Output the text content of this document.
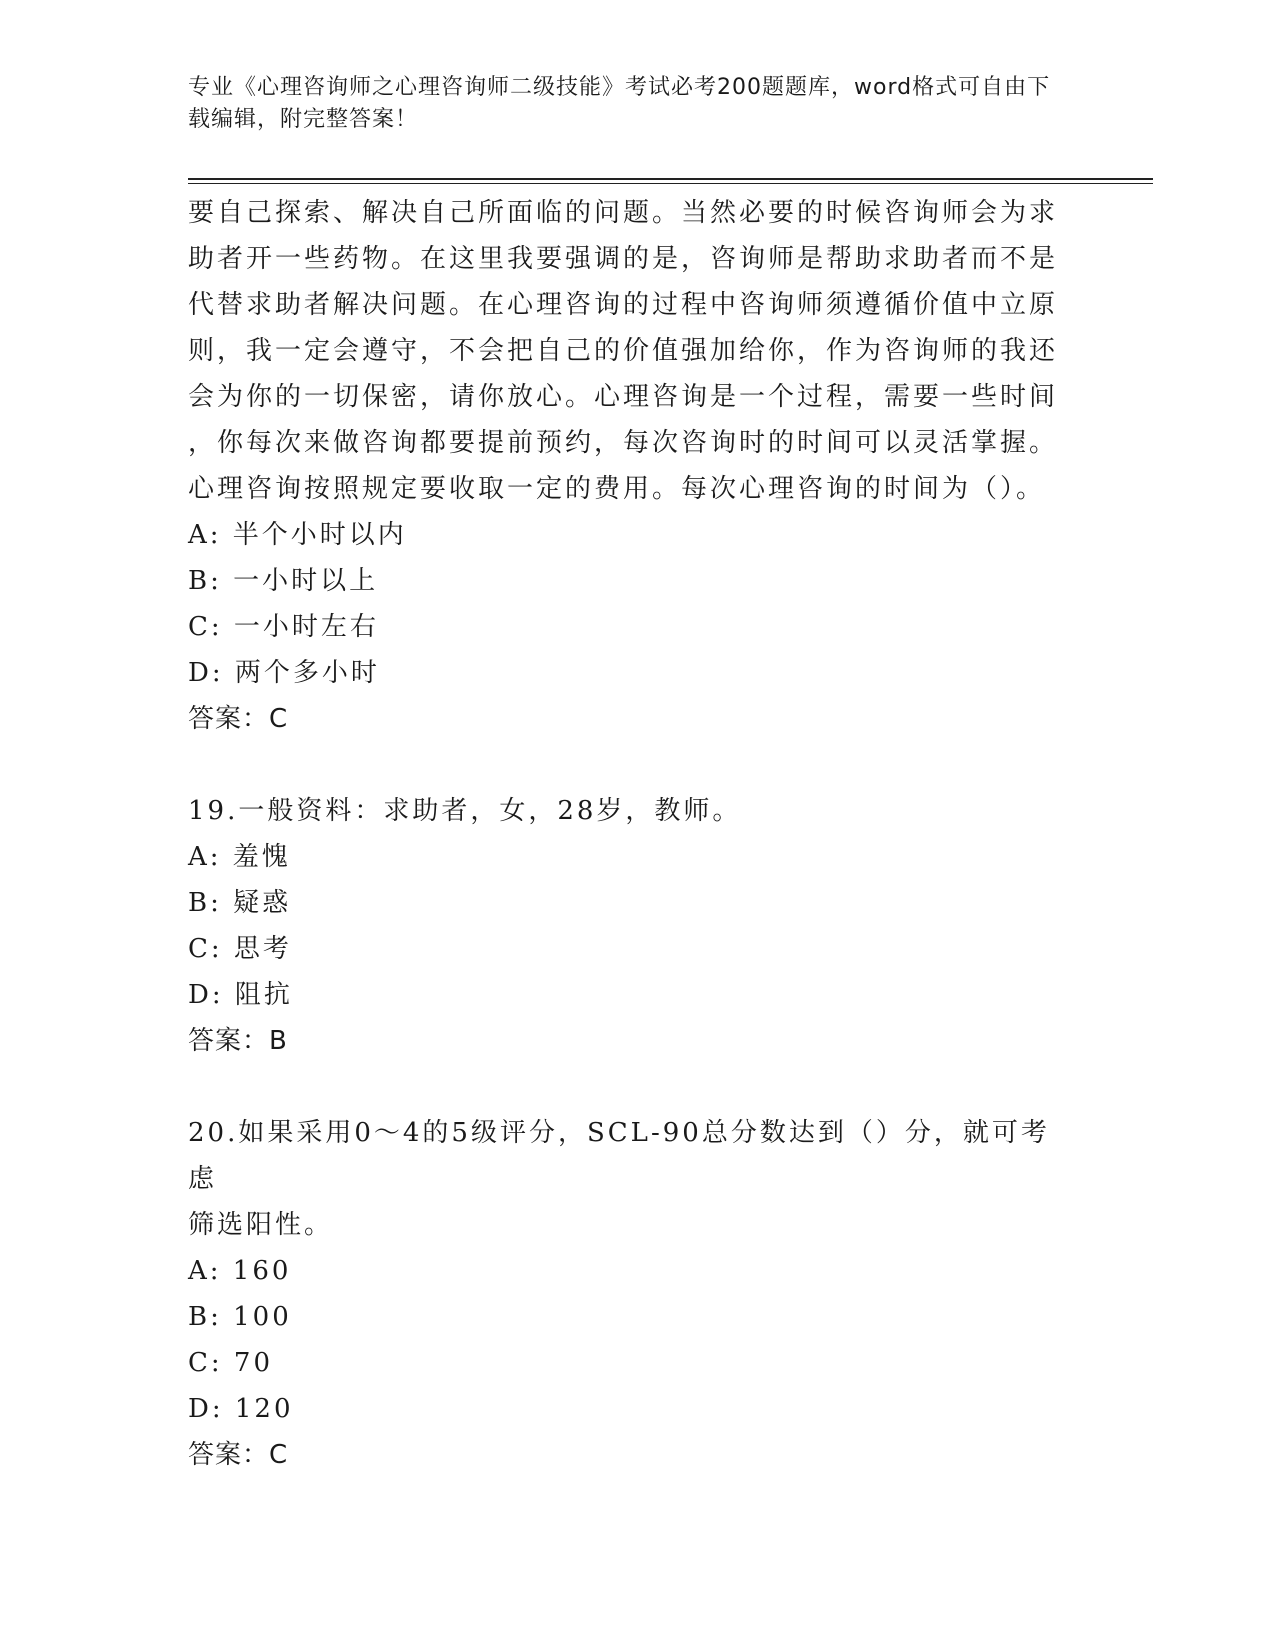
专业《心理咨询师之心理咨询师二级技能》考试必考200题题库，word格式可自由下载编辑，附完整答案！

要自己探索、解决自己所面临的问题。当然必要的时候咨询师会为求

助者开一些药物。在这里我要强调的是，咨询师是帮助求助者而不是

代替求助者解决问题。在心理咨询的过程中咨询师须遵循价值中立原

则，我一定会遵守，不会把自己的价值强加给你，作为咨询师的我还

会为你的一切保密，请你放心。心理咨询是一个过程，需要一些时间

，你每次来做咨询都要提前预约，每次咨询时的时间可以灵活掌握。

心理咨询按照规定要收取一定的费用。每次心理咨询的时间为（）。

A: 半个小时以内

B: 一小时以上

C: 一小时左右

D: 两个多小时

答案：C

19.一般资料：求助者，女，28岁，教师。

A: 羞愧

B: 疑惑

C: 思考

D: 阻抗

答案：B

20.如果采用0～4的5级评分，SCL-90总分数达到（）分，就可考虑

筛选阳性。

A: 160

B: 100

C: 70

D: 120

答案：C
